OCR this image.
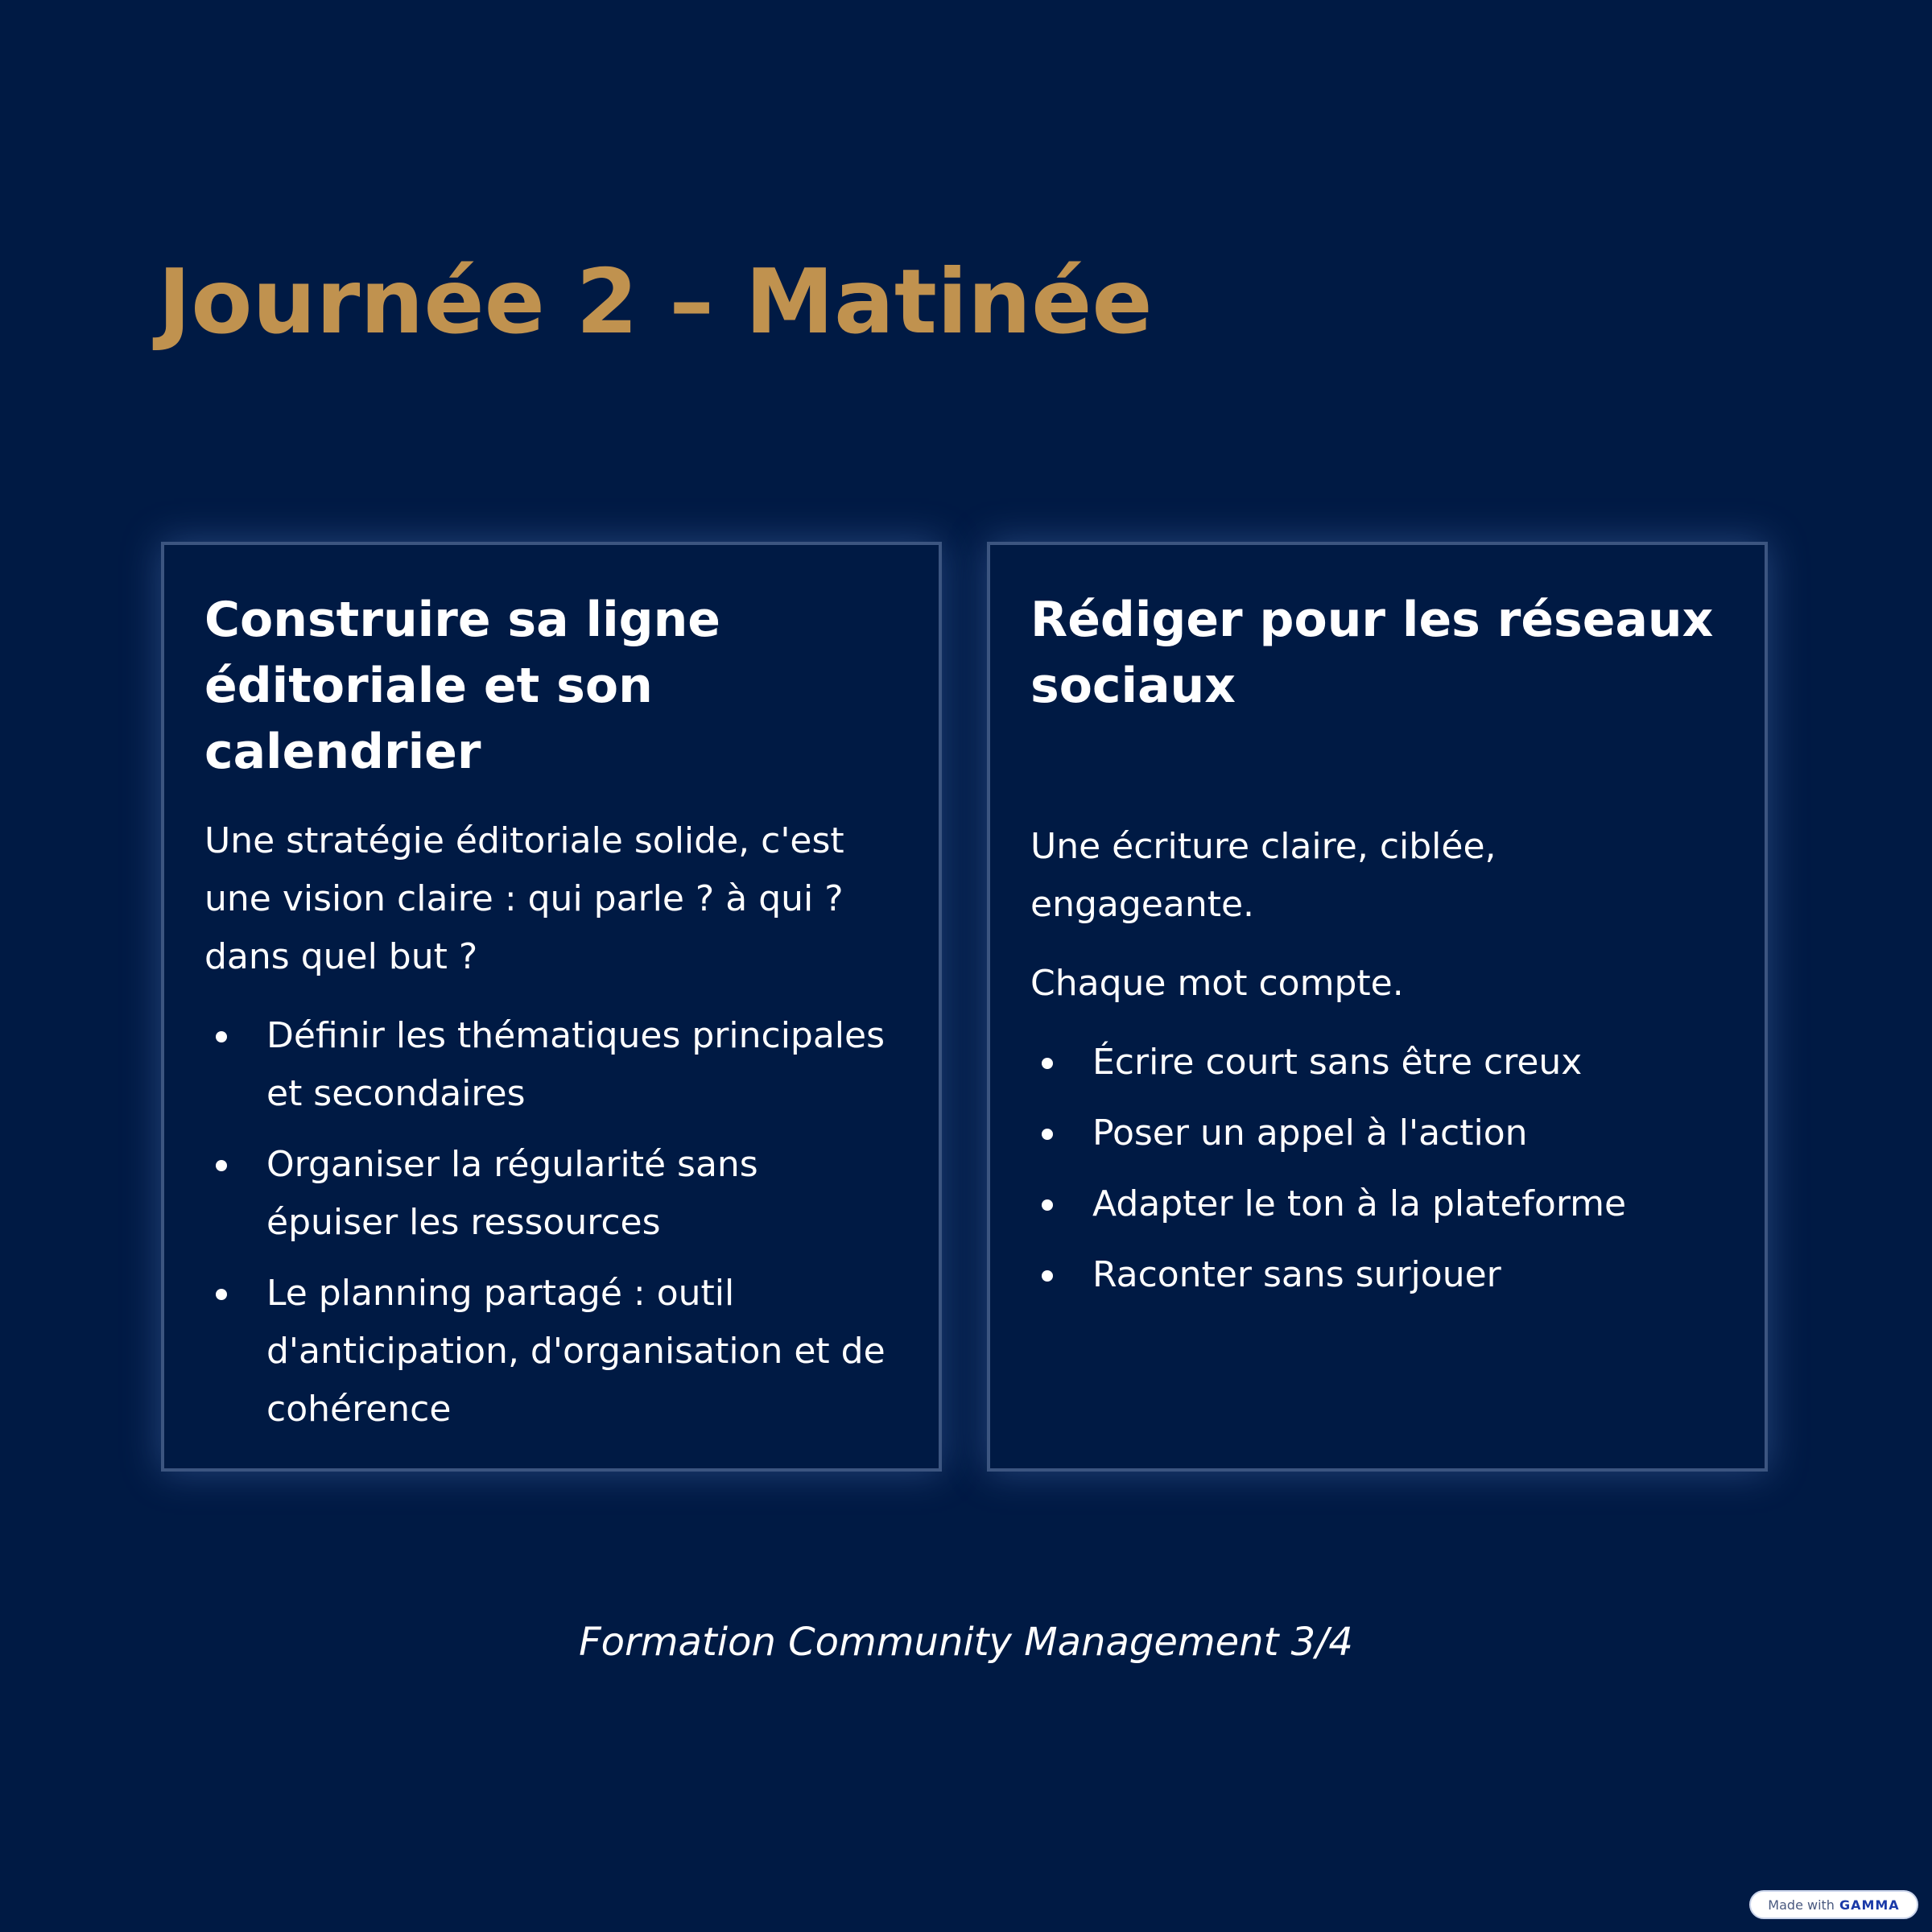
Journée 2 – Matinée
Construire sa ligne éditoriale et son calendrier

Une stratégie éditoriale solide, c'est une vision claire : qui parle ? à qui ? dans quel but ?

Définir les thématiques principales et secondaires
Organiser la régularité sans épuiser les ressources
Le planning partagé : outil d'anticipation, d'organisation et de cohérence
Rédiger pour les réseaux sociaux

Une écriture claire, ciblée, engageante.

Chaque mot compte.

Écrire court sans être creux
Poser un appel à l'action
Adapter le ton à la plateforme
Raconter sans surjouer

Formation Community Management 3/4

Made with GAMMA
